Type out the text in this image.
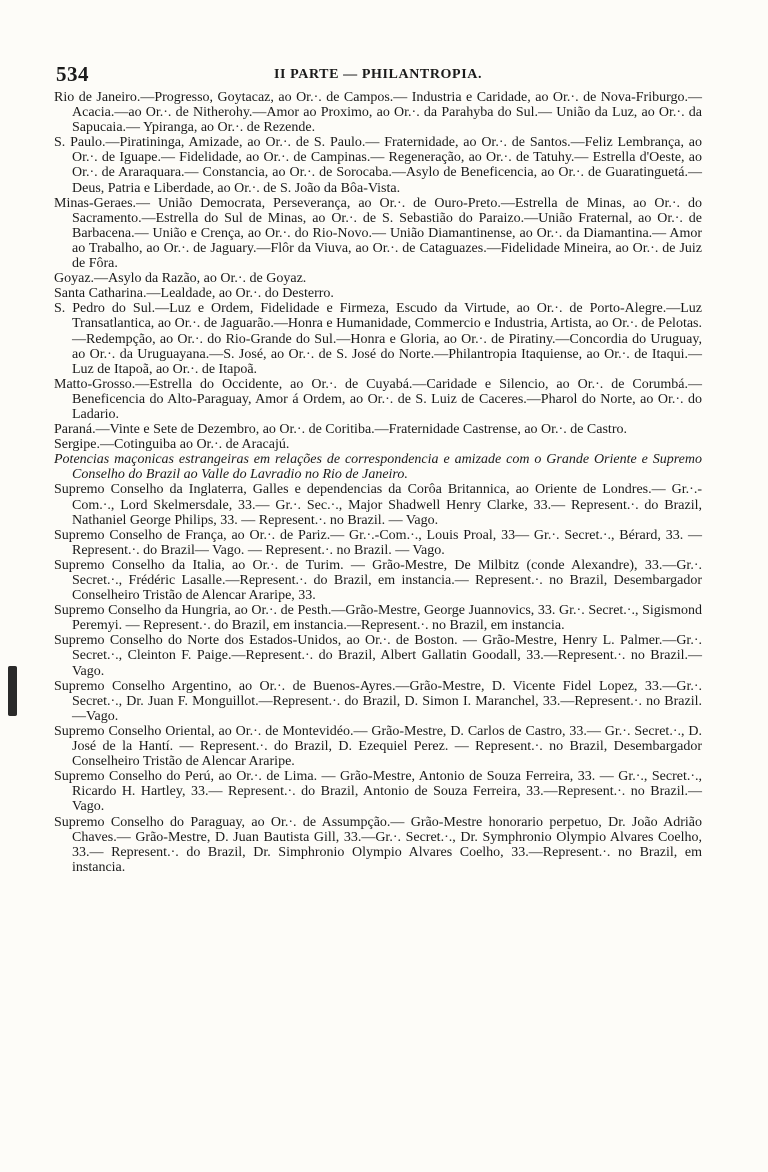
534	II PARTE — PHILANTROPIA.

Rio de Janeiro.—Progresso, Goytacaz, ao Or.·. de Campos.— Industria e Caridade, ao Or.·. de Nova-Friburgo.—Acacia.—ao Or.·. de Nitherohy.—Amor ao Proximo, ao Or.·. da Parahyba do Sul.— União da Luz, ao Or.·. da Sapucaia.— Ypiranga, ao Or.·. de Rezende.

S. Paulo.—Piratininga, Amizade, ao Or.·. de S. Paulo.— Fraternidade, ao Or.·. de Santos.—Feliz Lembrança, ao Or.·. de Iguape.— Fidelidade, ao Or.·. de Campinas.— Regeneração, ao Or.·. de Tatuhy.— Estrella d'Oeste, ao Or.·. de Araraquara.— Constancia, ao Or.·. de Sorocaba.—Asylo de Beneficencia, ao Or.·. de Guaratinguetá.— Deus, Patria e Liberdade, ao Or.·. de S. João da Bôa-Vista.

Minas-Geraes.— União Democrata, Perseverança, ao Or.·. de Ouro-Preto.—Estrella de Minas, ao Or.·. do Sacramento.—Estrella do Sul de Minas, ao Or.·. de S. Sebastião do Paraizo.—União Fraternal, ao Or.·. de Barbacena.— União e Crença, ao Or.·. do Rio-Novo.— União Diamantinense, ao Or.·. da Diamantina.— Amor ao Trabalho, ao Or.·. de Jaguary.—Flôr da Viuva, ao Or.·. de Cataguazes.—Fidelidade Mineira, ao Or.·. de Juiz de Fôra.

Goyaz.—Asylo da Razão, ao Or.·. de Goyaz.

Santa Catharina.—Lealdade, ao Or.·. do Desterro.

S. Pedro do Sul.—Luz e Ordem, Fidelidade e Firmeza, Escudo da Virtude, ao Or.·. de Porto-Alegre.—Luz Transatlantica, ao Or.·. de Jaguarão.—Honra e Humanidade, Commercio e Industria, Artista, ao Or.·. de Pelotas.—Redempção, ao Or.·. do Rio-Grande do Sul.—Honra e Gloria, ao Or.·. de Piratiny.—Concordia do Uruguay, ao Or.·. da Uruguayana.—S. José, ao Or.·. de S. José do Norte.—Philantropia Itaquiense, ao Or.·. de Itaqui.—Luz de Itapoã, ao Or.·. de Itapoã.

Matto-Grosso.—Estrella do Occidente, ao Or.·. de Cuyabá.—Caridade e Silencio, ao Or.·. de Corumbá.—Beneficencia do Alto-Paraguay, Amor á Ordem, ao Or.·. de S. Luiz de Caceres.—Pharol do Norte, ao Or.·. do Ladario.

Paraná.—Vinte e Sete de Dezembro, ao Or.·. de Coritiba.—Fraternidade Castrense, ao Or.·. de Castro.

Sergipe.—Cotinguiba ao Or.·. de Aracajú.

Potencias maçonicas estrangeiras em relações de correspondencia e amizade com o Grande Oriente e Supremo Conselho do Brazil ao Valle do Lavradio no Rio de Janeiro.

Supremo Conselho da Inglaterra, Galles e dependencias da Corôa Britannica, ao Oriente de Londres.— Gr.·.-Com.·., Lord Skelmersdale, 33.— Gr.·. Sec.·., Major Shadwell Henry Clarke, 33.— Represent.·. do Brazil, Nathaniel George Philips, 33. — Represent.·. no Brazil. — Vago.

Supremo Conselho de França, ao Or.·. de Pariz.— Gr.·.-Com.·., Louis Proal, 33— Gr.·. Secret.·., Bérard, 33. — Represent.·. do Brazil— Vago. — Represent.·. no Brazil. — Vago.

Supremo Conselho da Italia, ao Or.·. de Turim. — Grão-Mestre, De Milbitz (conde Alexandre), 33.—Gr.·. Secret.·., Frédéric Lasalle.—Represent.·. do Brazil, em instancia.— Represent.·. no Brazil, Desembargador Conselheiro Tristão de Alencar Araripe, 33.

Supremo Conselho da Hungria, ao Or.·. de Pesth.—Grão-Mestre, George Juannovics, 33. Gr.·. Secret.·., Sigismond Peremyi. — Represent.·. do Brazil, em instancia.—Represent.·. no Brazil, em instancia.

Supremo Conselho do Norte dos Estados-Unidos, ao Or.·. de Boston. — Grão-Mestre, Henry L. Palmer.—Gr.·. Secret.·., Cleinton F. Paige.—Represent.·. do Brazil, Albert Gallatin Goodall, 33.—Represent.·. no Brazil.— Vago.

Supremo Conselho Argentino, ao Or.·. de Buenos-Ayres.—Grão-Mestre, D. Vicente Fidel Lopez, 33.—Gr.·. Secret.·., Dr. Juan F. Monguillot.—Represent.·. do Brazil, D. Simon I. Maranchel, 33.—Represent.·. no Brazil.—Vago.

Supremo Conselho Oriental, ao Or.·. de Montevidéo.— Grão-Mestre, D. Carlos de Castro, 33.— Gr.·. Secret.·., D. José de la Hantí. — Represent.·. do Brazil, D. Ezequiel Perez. — Represent.·. no Brazil, Desembargador Conselheiro Tristão de Alencar Araripe.

Supremo Conselho do Perú, ao Or.·. de Lima. — Grão-Mestre, Antonio de Souza Ferreira, 33. — Gr.·., Secret.·., Ricardo H. Hartley, 33.— Represent.·. do Brazil, Antonio de Souza Ferreira, 33.—Represent.·. no Brazil.—Vago.

Supremo Conselho do Paraguay, ao Or.·. de Assumpção.— Grão-Mestre honorario perpetuo, Dr. João Adrião Chaves.— Grão-Mestre, D. Juan Bautista Gill, 33.—Gr.·. Secret.·., Dr. Symphronio Olympio Alvares Coelho, 33.— Represent.·. do Brazil, Dr. Simphronio Olympio Alvares Coelho, 33.—Represent.·. no Brazil, em instancia.
